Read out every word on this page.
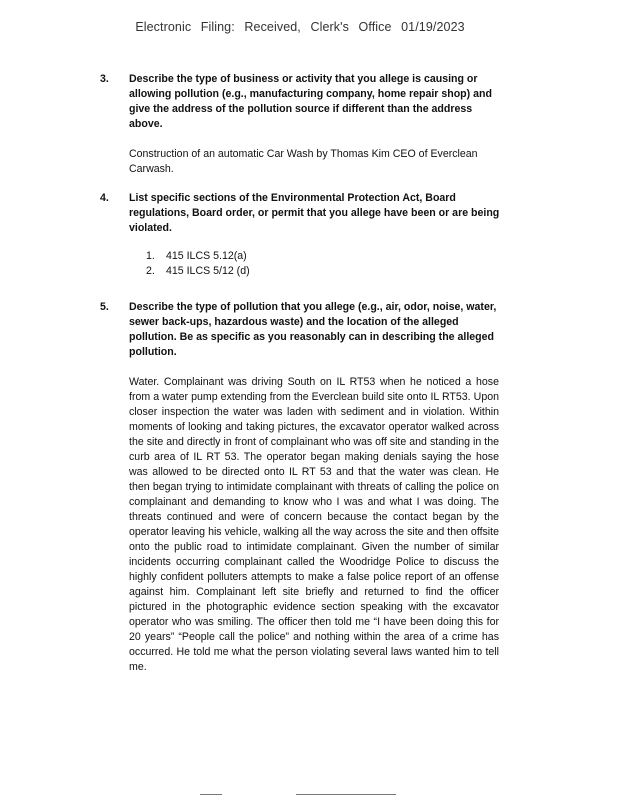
Electronic Filing: Received, Clerk's Office 01/19/2023
3. Describe the type of business or activity that you allege is causing or allowing pollution (e.g., manufacturing company, home repair shop) and give the address of the pollution source if different than the address above.
Construction of an automatic Car Wash by Thomas Kim CEO of Everclean Carwash.
4. List specific sections of the Environmental Protection Act, Board regulations, Board order, or permit that you allege have been or are being violated.
1. 415 ILCS 5.12(a)
2. 415 ILCS 5/12 (d)
5. Describe the type of pollution that you allege (e.g., air, odor, noise, water, sewer back-ups, hazardous waste) and the location of the alleged pollution. Be as specific as you reasonably can in describing the alleged pollution.
Water. Complainant was driving South on IL RT53 when he noticed a hose from a water pump extending from the Everclean build site onto IL RT53. Upon closer inspection the water was laden with sediment and in violation. Within moments of looking and taking pictures, the excavator operator walked across the site and directly in front of complainant who was off site and standing in the curb area of IL RT 53. The operator began making denials saying the hose was allowed to be directed onto IL RT 53 and that the water was clean. He then began trying to intimidate complainant with threats of calling the police on complainant and demanding to know who I was and what I was doing. The threats continued and were of concern because the contact began by the operator leaving his vehicle, walking all the way across the site and then offsite onto the public road to intimidate complainant. Given the number of similar incidents occurring complainant called the Woodridge Police to discuss the highly confident polluters attempts to make a false police report of an offense against him. Complainant left site briefly and returned to find the officer pictured in the photographic evidence section speaking with the excavator operator who was smiling. The officer then told me “I have been doing this for 20 years” “People call the police” and nothing within the area of a crime has occurred. He told me what the person violating several laws wanted him to tell me.
